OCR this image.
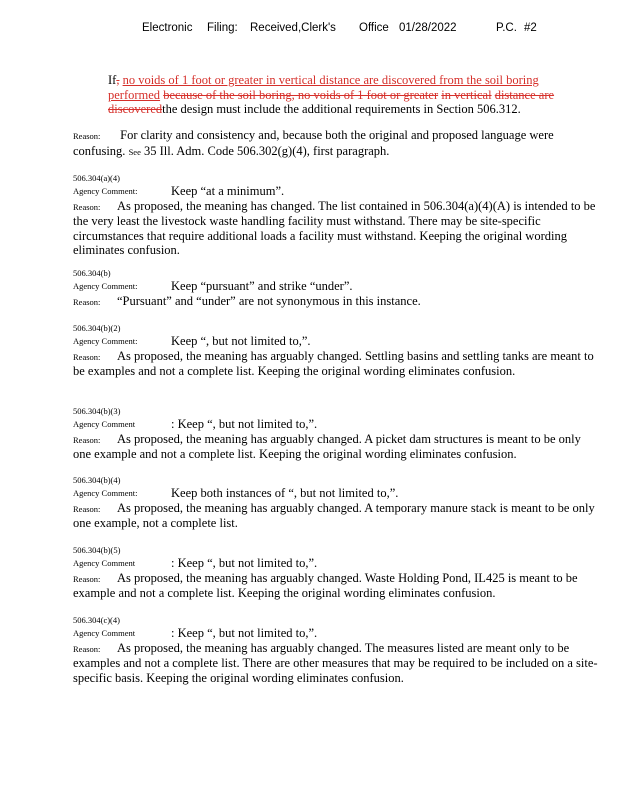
Electronic Filing: Received,Clerk's Office 01/28/2022	P.C. #2
If, no voids of 1 foot or greater in vertical distance are discovered from the soil boring performed because of the soil boring, no voids of 1 foot or greater in vertical distance are discoveredthe design must include the additional requirements in Section 506.312.
Reason: For clarity and consistency and, because both the original and proposed language were confusing. See 35 Ill. Adm. Code 506.302(g)(4), first paragraph.
506.304(a)(4)
Agency Comment:	Keep “at a minimum”.
Reason: As proposed, the meaning has changed. The list contained in 506.304(a)(4)(A) is intended to be the very least the livestock waste handling facility must withstand. There may be site-specific circumstances that require additional loads a facility must withstand. Keeping the original wording eliminates confusion.
506.304(b)
Agency Comment:	Keep “pursuant” and strike “under”.
Reason: “Pursuant” and “under” are not synonymous in this instance.
506.304(b)(2)
Agency Comment:	Keep “, but not limited to,”.
Reason: As proposed, the meaning has arguably changed. Settling basins and settling tanks are meant to be examples and not a complete list. Keeping the original wording eliminates confusion.
506.304(b)(3)
Agency Comment	: Keep “, but not limited to,”.
Reason: As proposed, the meaning has arguably changed. A picket dam structures is meant to be only one example and not a complete list. Keeping the original wording eliminates confusion.
506.304(b)(4)
Agency Comment:	Keep both instances of “, but not limited to,”.
Reason: As proposed, the meaning has arguably changed. A temporary manure stack is meant to be only one example, not a complete list.
506.304(b)(5)
Agency Comment	: Keep “, but not limited to,”.
Reason: As proposed, the meaning has arguably changed. Waste Holding Pond, IL425 is meant to be example and not a complete list. Keeping the original wording eliminates confusion.
506.304(c)(4)
Agency Comment	: Keep “, but not limited to,”.
Reason: As proposed, the meaning has arguably changed. The measures listed are meant only to be examples and not a complete list. There are other measures that may be required to be included on a site-specific basis. Keeping the original wording eliminates confusion.
